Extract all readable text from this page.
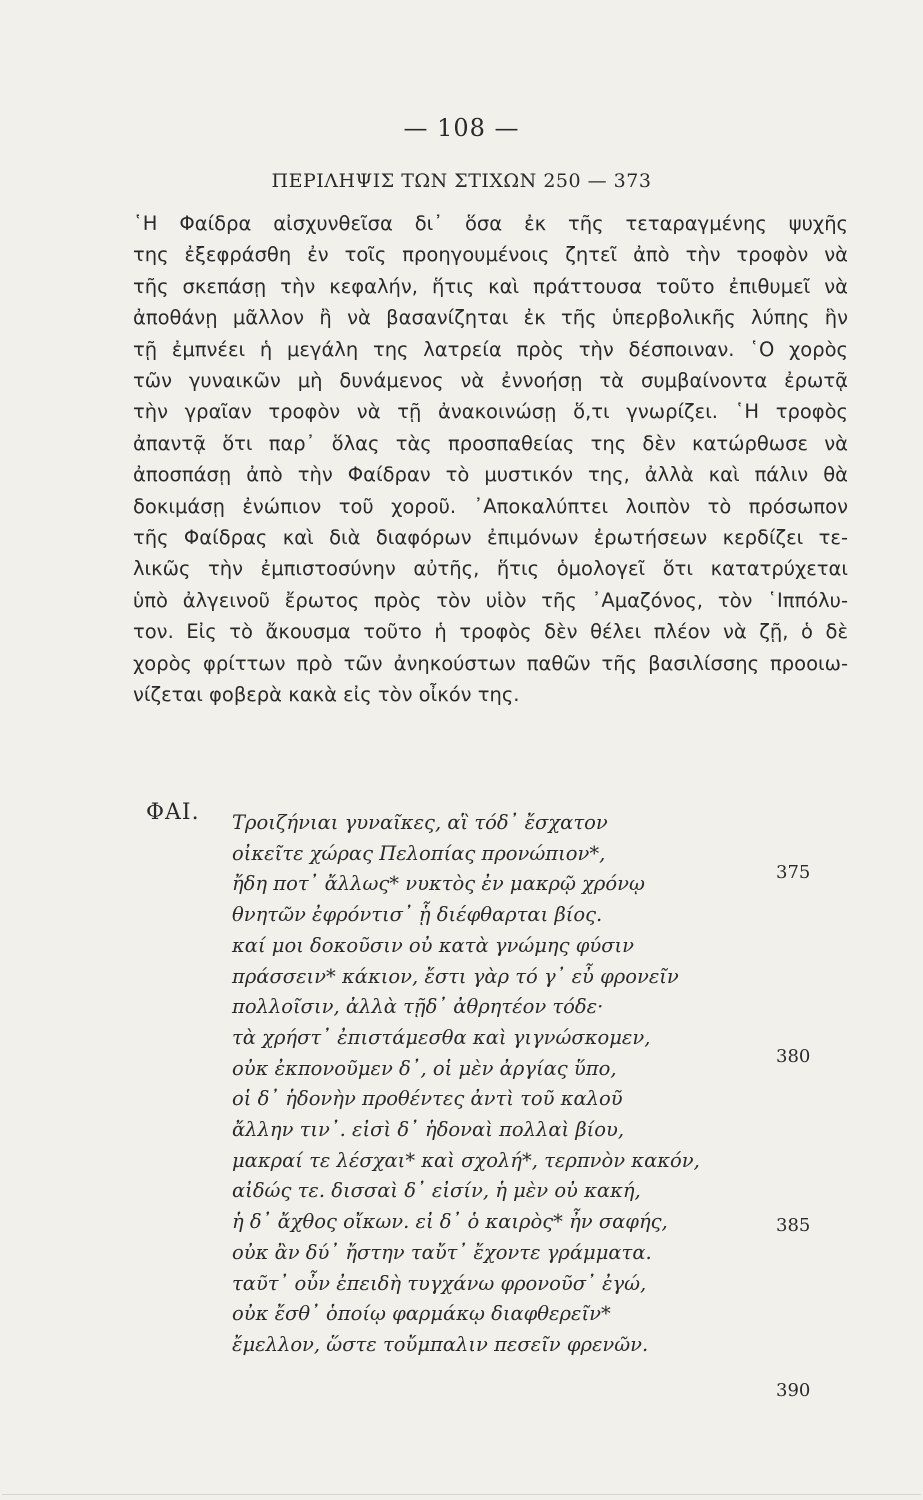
— 108 —
ΠΕΡΙΛΗΨΙΣ ΤΩΝ ΣΤΙΧΩΝ 250 — 373
῾Η Φαίδρα αἰσχυνθεῖσα δι᾽ ὅσα ἐκ τῆς τεταραγμένης ψυχῆς
της ἐξεφράσθη ἐν τοῖς προηγουμένοις ζητεῖ ἀπὸ τὴν τροφὸν νὰ
τῆς σκεπάσῃ τὴν κεφαλήν, ἥτις καὶ πράττουσα τοῦτο ἐπιθυμεῖ νὰ
ἀποθάνῃ μᾶλλον ἢ νὰ βασανίζηται ἐκ τῆς ὑπερβολικῆς λύπης ἣν
τῇ ἐμπνέει ἡ μεγάλη της λατρεία πρὸς τὴν δέσποιναν. ῾Ο χορὸς
τῶν γυναικῶν μὴ δυνάμενος νὰ ἐννοήσῃ τὰ συμβαίνοντα ἐρωτᾷ
τὴν γραῖαν τροφὸν νὰ τῇ ἀνακοινώσῃ ὅ,τι γνωρίζει. ῾Η τροφὸς
ἀπαντᾷ ὅτι παρ᾽ ὅλας τὰς προσπαθείας της δὲν κατώρθωσε νὰ
ἀποσπάσῃ ἀπὸ τὴν Φαίδραν τὸ μυστικόν της, ἀλλὰ καὶ πάλιν θὰ
δοκιμάσῃ ἐνώπιον τοῦ χοροῦ. ᾽Αποκαλύπτει λοιπὸν τὸ πρόσωπον
τῆς Φαίδρας καὶ διὰ διαφόρων ἐπιμόνων ἐρωτήσεων κερδίζει τε-
λικῶς τὴν ἐμπιστοσύνην αὐτῆς, ἥτις ὁμολογεῖ ὅτι κατατρύχεται
ὑπὸ ἀλγεινοῦ ἔρωτος πρὸς τὸν υἱὸν τῆς ᾽Αμαζόνος, τὸν ῾Ιππόλυ-
τον. Εἰς τὸ ἄκουσμα τοῦτο ἡ τροφὸς δὲν θέλει πλέον νὰ ζῇ, ὁ δὲ
χορὸς φρίττων πρὸ τῶν ἀνηκούστων παθῶν τῆς βασιλίσσης προοιω-
νίζεται φοβερὰ κακὰ εἰς τὸν οἶκόν της.
ΦΑΙ. Τροιζήνιαι γυναῖκες, αἳ τόδ᾽ ἔσχατον
οἰκεῖτε χώρας Πελοπίας προνώπιον*,
ἤδη ποτ᾽ ἄλλως* νυκτὸς ἐν μακρῷ χρόνῳ
θνητῶν ἐφρόντισ᾽ ᾗ διέφθαρται βίος.
καί μοι δοκοῦσιν οὐ κατὰ γνώμης φύσιν
πράσσειν* κάκιον, ἔστι γὰρ τό γ᾽ εὖ φρονεῖν
πολλοῖσιν, ἀλλὰ τῇδ᾽ ἀθρητέον τόδε·
τὰ χρήστ᾽ ἐπιστάμεσθα καὶ γιγνώσκομεν,
οὐκ ἐκπονοῦμεν δ᾽, οἱ μὲν ἀργίας ὕπο,
οἱ δ᾽ ἡδονὴν προθέντες ἀντὶ τοῦ καλοῦ
ἄλλην τιν᾽. εἰσὶ δ᾽ ἡδοναὶ πολλαὶ βίου,
μακραί τε λέσχαι* καὶ σχολή*, τερπνὸν κακόν,
αἰδώς τε. δισσαὶ δ᾽ εἰσίν, ἡ μὲν οὐ κακή,
ἡ δ᾽ ἄχθος οἴκων. εἰ δ᾽ ὁ καιρὸς* ἦν σαφής,
οὐκ ἂν δύ᾽ ἤστην ταὔτ᾽ ἔχοντε γράμματα.
ταῦτ᾽ οὖν ἐπειδὴ τυγχάνω φρονοῦσ᾽ ἐγώ,
οὐκ ἔσθ᾽ ὁποίῳ φαρμάκῳ διαφθερεῖν*
ἔμελλον, ὥστε τοὔμπαλιν πεσεῖν φρενῶν.
375
380
385
390
